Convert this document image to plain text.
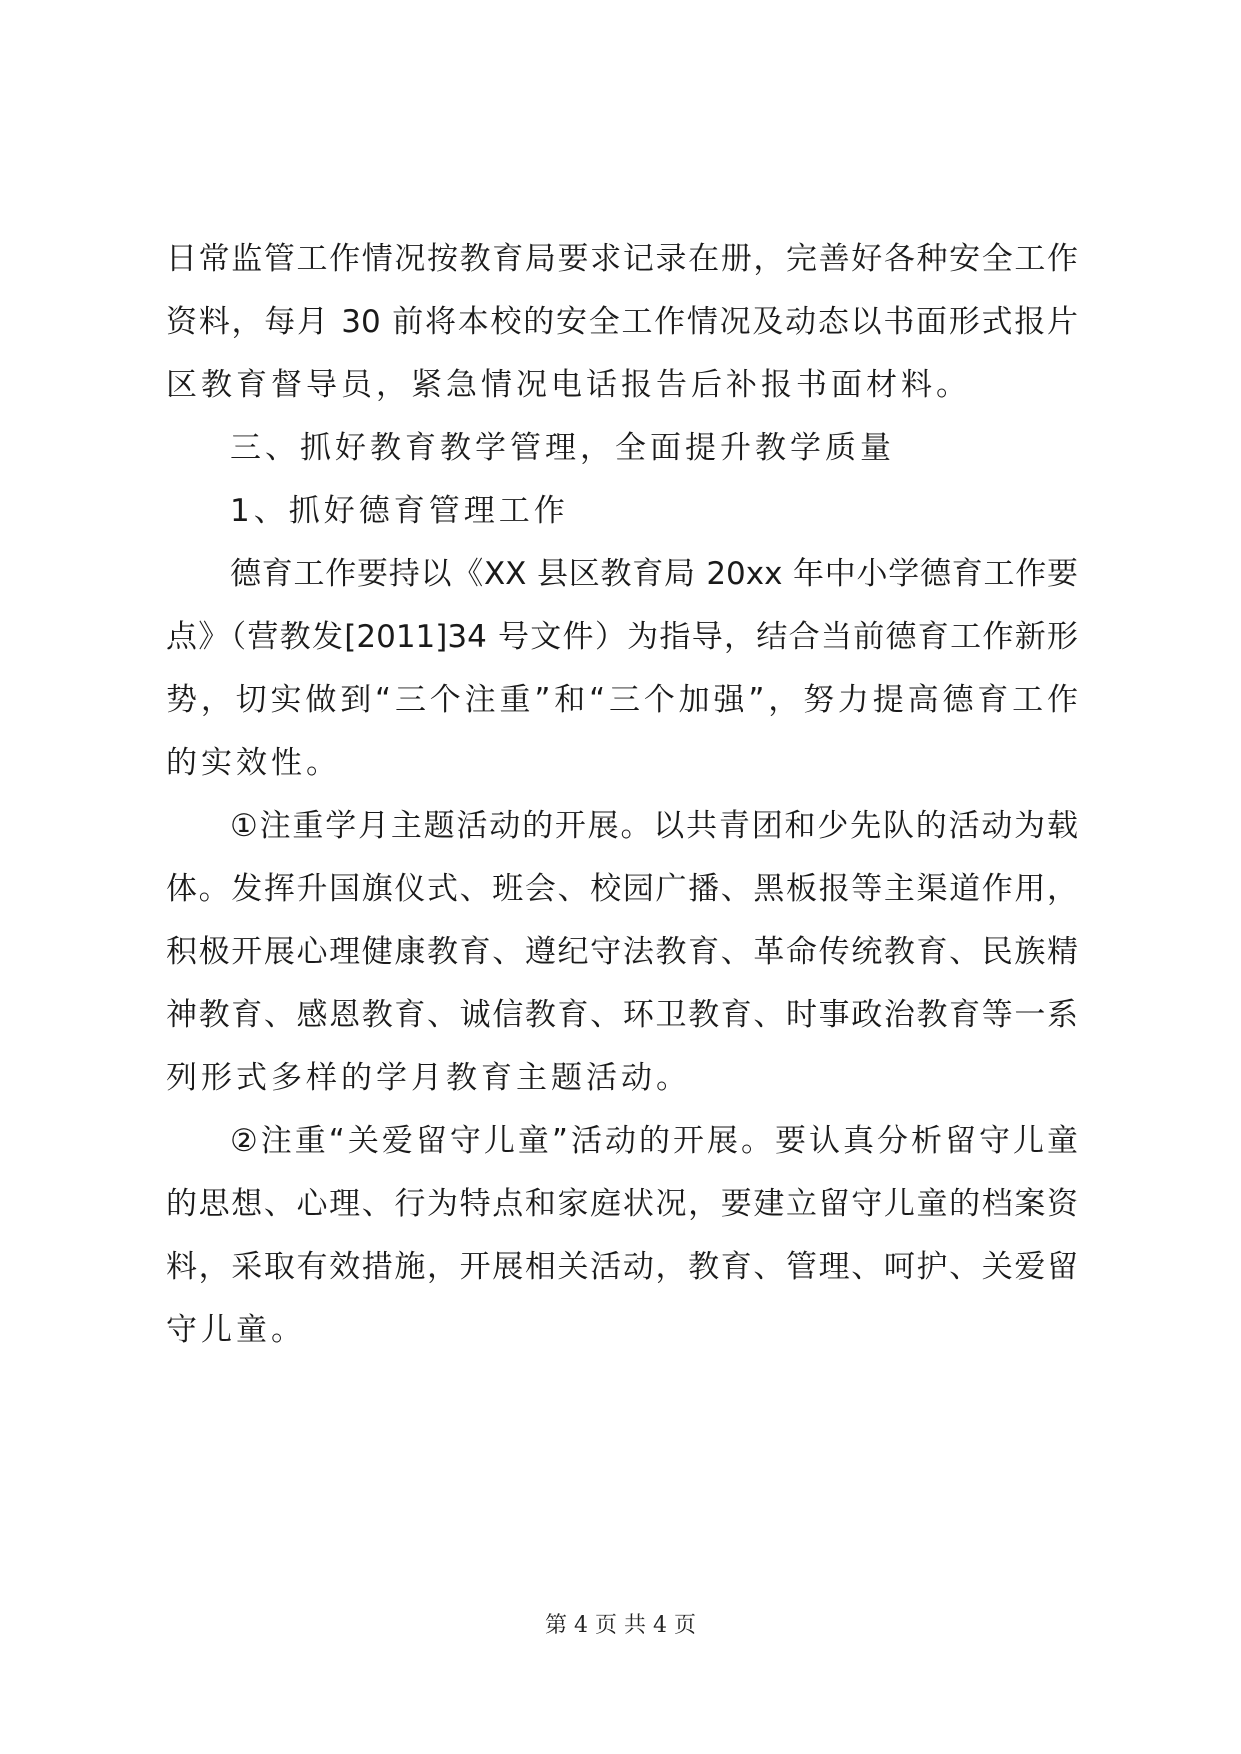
日常监管工作情况按教育局要求记录在册，完善好各种安全工作
资料，每月 30 前将本校的安全工作情况及动态以书面形式报片
区教育督导员，紧急情况电话报告后补报书面材料。
三、抓好教育教学管理，全面提升教学质量
1、抓好德育管理工作
德育工作要持以《XX 县区教育局 20xx 年中小学德育工作要
点》（营教发[2011]34 号文件）为指导，结合当前德育工作新形
势，切实做到“三个注重”和“三个加强”，努力提高德育工作
的实效性。
①注重学月主题活动的开展。以共青团和少先队的活动为载
体。发挥升国旗仪式、班会、校园广播、黑板报等主渠道作用，
积极开展心理健康教育、遵纪守法教育、革命传统教育、民族精
神教育、感恩教育、诚信教育、环卫教育、时事政治教育等一系
列形式多样的学月教育主题活动。
②注重“关爱留守儿童”活动的开展。要认真分析留守儿童
的思想、心理、行为特点和家庭状况，要建立留守儿童的档案资
料，采取有效措施，开展相关活动，教育、管理、呵护、关爱留
守儿童。
第 4 页 共 4 页
